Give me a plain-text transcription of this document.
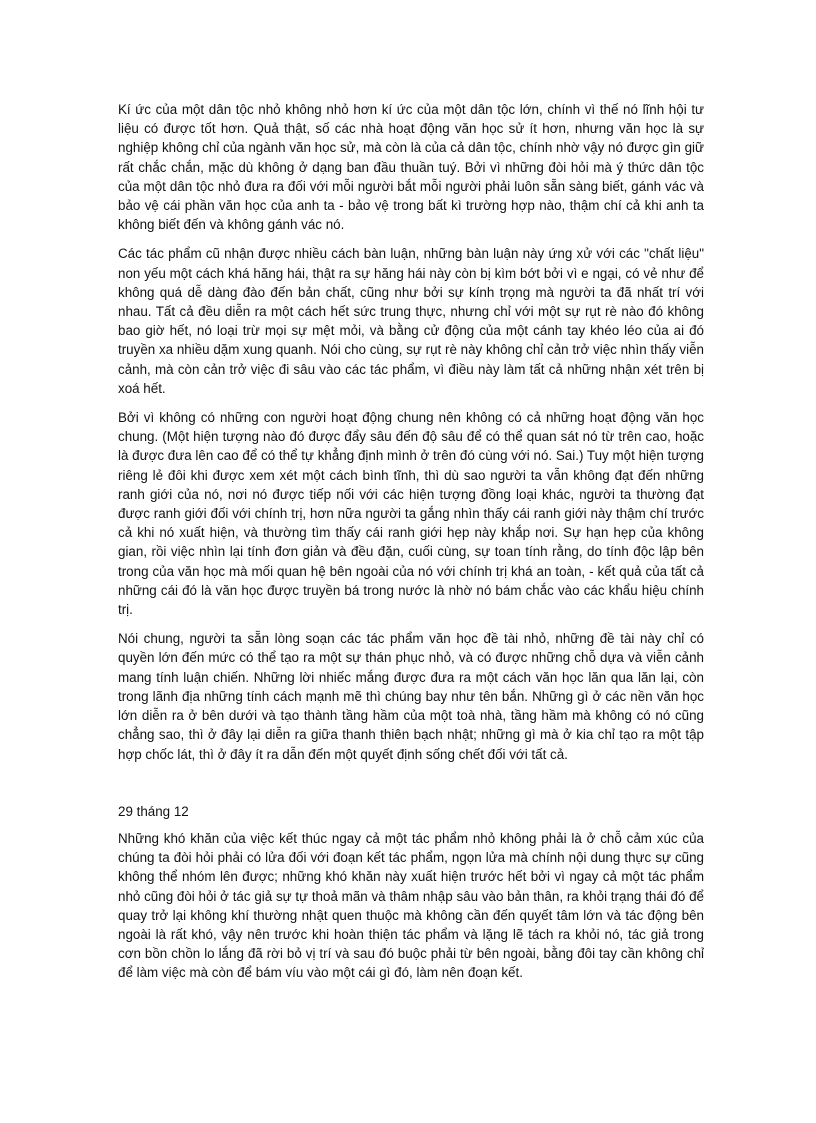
Kí ức của một dân tộc nhỏ không nhỏ hơn kí ức của một dân tộc lớn, chính vì thế nó lĩnh hội tư liệu có được tốt hơn. Quả thật, số các nhà hoạt động văn học sử ít hơn, nhưng văn học là sự nghiệp không chỉ của ngành văn học sử, mà còn là của cả dân tộc, chính nhờ vậy nó được gìn giữ rất chắc chắn, mặc dù không ở dạng ban đầu thuần tuý. Bởi vì những đòi hỏi mà ý thức dân tộc của một dân tộc nhỏ đưa ra đối với mỗi người bắt mỗi người phải luôn sẵn sàng biết, gánh vác và bảo vệ cái phần văn học của anh ta - bảo vệ trong bất kì trường hợp nào, thậm chí cả khi anh ta không biết đến và không gánh vác nó.

Các tác phẩm cũ nhận được nhiều cách bàn luận, những bàn luận này ứng xử với các "chất liệu" non yếu một cách khá hăng hái, thật ra sự hăng hái này còn bị kìm bớt bởi vì e ngại, có vẻ như để không quá dễ dàng đào đến bản chất, cũng như bởi sự kính trọng mà người ta đã nhất trí với nhau. Tất cả đều diễn ra một cách hết sức trung thực, nhưng chỉ với một sự rụt rè nào đó không bao giờ hết, nó loại trừ mọi sự mệt mỏi, và bằng cử động của một cánh tay khéo léo của ai đó truyền xa nhiều dặm xung quanh. Nói cho cùng, sự rụt rè này không chỉ cản trở việc nhìn thấy viễn cảnh, mà còn cản trở việc đi sâu vào các tác phẩm, vì điều này làm tất cả những nhận xét trên bị xoá hết.

Bởi vì không có những con người hoạt động chung nên không có cả những hoạt động văn học chung. (Một hiện tượng nào đó được đẩy sâu đến độ sâu để có thể quan sát nó từ trên cao, hoặc là được đưa lên cao để có thể tự khẳng định mình ở trên đó cùng với nó. Sai.) Tuy một hiện tượng riêng lẻ đôi khi được xem xét một cách bình tĩnh, thì dù sao người ta vẫn không đạt đến những ranh giới của nó, nơi nó được tiếp nối với các hiện tượng đồng loại khác, người ta thường đạt được ranh giới đối với chính trị, hơn nữa người ta gắng nhìn thấy cái ranh giới này thậm chí trước cả khi nó xuất hiện, và thường tìm thấy cái ranh giới hẹp này khắp nơi. Sự hạn hẹp của không gian, rồi việc nhìn lại tính đơn giản và đều đặn, cuối cùng, sự toan tính rằng, do tính độc lập bên trong của văn học mà mối quan hệ bên ngoài của nó với chính trị khá an toàn, - kết quả của tất cả những cái đó là văn học được truyền bá trong nước là nhờ nó bám chắc vào các khẩu hiệu chính trị.

Nói chung, người ta sẵn lòng soạn các tác phẩm văn học đề tài nhỏ, những đề tài này chỉ có quyền lớn đến mức có thể tạo ra một sự thán phục nhỏ, và có được những chỗ dựa và viễn cảnh mang tính luận chiến. Những lời nhiếc mắng được đưa ra một cách văn học lăn qua lăn lại, còn trong lãnh địa những tính cách mạnh mẽ thì chúng bay như tên bắn. Những gì ở các nền văn học lớn diễn ra ở bên dưới và tạo thành tầng hầm của một toà nhà, tầng hầm mà không có nó cũng chẳng sao, thì ở đây lại diễn ra giữa thanh thiên bạch nhật; những gì mà ở kia chỉ tạo ra một tập hợp chốc lát, thì ở đây ít ra dẫn đến một quyết định sống chết đối với tất cả.

29 tháng 12

Những khó khăn của việc kết thúc ngay cả một tác phẩm nhỏ không phải là ở chỗ cảm xúc của chúng ta đòi hỏi phải có lửa đối với đoạn kết tác phẩm, ngọn lửa mà chính nội dung thực sự cũng không thể nhóm lên được; những khó khăn này xuất hiện trước hết bởi vì ngay cả một tác phẩm nhỏ cũng đòi hỏi ở tác giả sự tự thoả mãn và thâm nhập sâu vào bản thân, ra khỏi trạng thái đó để quay trở lại không khí thường nhật quen thuộc mà không cần đến quyết tâm lớn và tác động bên ngoài là rất khó, vậy nên trước khi hoàn thiện tác phẩm và lặng lẽ tách ra khỏi nó, tác giả trong cơn bồn chồn lo lắng đã rời bỏ vị trí và sau đó buộc phải từ bên ngoài, bằng đôi tay cần không chỉ để làm việc mà còn để bám víu vào một cái gì đó, làm nên đoạn kết.
